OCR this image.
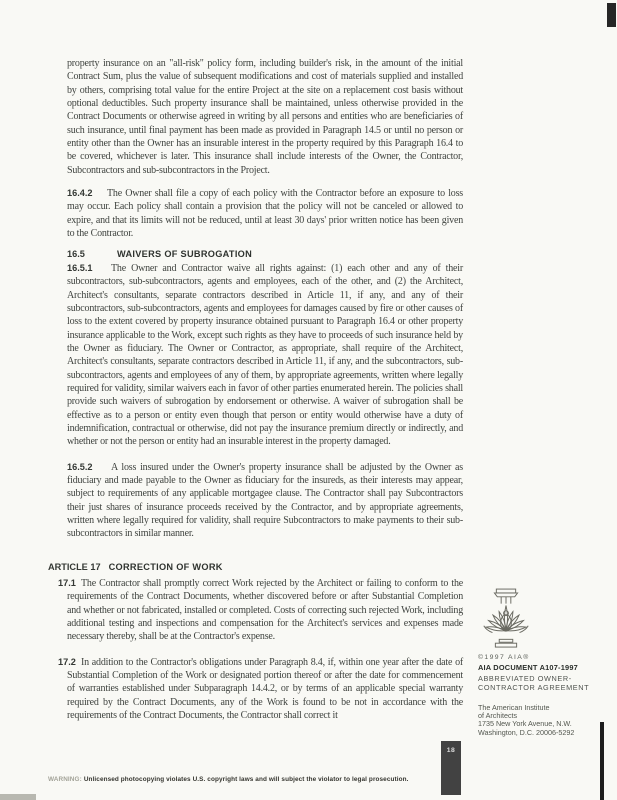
property insurance on an "all-risk" policy form, including builder's risk, in the amount of the initial Contract Sum, plus the value of subsequent modifications and cost of materials supplied and installed by others, comprising total value for the entire Project at the site on a replacement cost basis without optional deductibles. Such property insurance shall be maintained, unless otherwise provided in the Contract Documents or otherwise agreed in writing by all persons and entities who are beneficiaries of such insurance, until final payment has been made as provided in Paragraph 14.5 or until no person or entity other than the Owner has an insurable interest in the property required by this Paragraph 16.4 to be covered, whichever is later. This insurance shall include interests of the Owner, the Contractor, Subcontractors and sub-subcontractors in the Project.

16.4.2 The Owner shall file a copy of each policy with the Contractor before an exposure to loss may occur. Each policy shall contain a provision that the policy will not be canceled or allowed to expire, and that its limits will not be reduced, until at least 30 days' prior written notice has been given to the Contractor.

16.5	WAIVERS OF SUBROGATION

16.5.1 The Owner and Contractor waive all rights against: (1) each other and any of their subcontractors, sub-subcontractors, agents and employees, each of the other, and (2) the Architect, Architect's consultants, separate contractors described in Article 11, if any, and any of their subcontractors, sub-subcontractors, agents and employees for damages caused by fire or other causes of loss to the extent covered by property insurance obtained pursuant to Paragraph 16.4 or other property insurance applicable to the Work, except such rights as they have to proceeds of such insurance held by the Owner as fiduciary. The Owner or Contractor, as appropriate, shall require of the Architect, Architect's consultants, separate contractors described in Article 11, if any, and the subcontractors, sub-subcontractors, agents and employees of any of them, by appropriate agreements, written where legally required for validity, similar waivers each in favor of other parties enumerated herein. The policies shall provide such waivers of subrogation by endorsement or otherwise. A waiver of subrogation shall be effective as to a person or entity even though that person or entity would otherwise have a duty of indemnification, contractual or otherwise, did not pay the insurance premium directly or indirectly, and whether or not the person or entity had an insurable interest in the property damaged.

16.5.2 A loss insured under the Owner's property insurance shall be adjusted by the Owner as fiduciary and made payable to the Owner as fiduciary for the insureds, as their interests may appear, subject to requirements of any applicable mortgagee clause. The Contractor shall pay Subcontractors their just shares of insurance proceeds received by the Contractor, and by appropriate agreements, written where legally required for validity, shall require Subcontractors to make payments to their sub-subcontractors in similar manner.

ARTICLE 17 CORRECTION OF WORK

17.1 The Contractor shall promptly correct Work rejected by the Architect or failing to conform to the requirements of the Contract Documents, whether discovered before or after Substantial Completion and whether or not fabricated, installed or completed. Costs of correcting such rejected Work, including additional testing and inspections and compensation for the Architect's services and expenses made necessary thereby, shall be at the Contractor's expense.

17.2 In addition to the Contractor's obligations under Paragraph 8.4, if, within one year after the date of Substantial Completion of the Work or designated portion thereof or after the date for commencement of warranties established under Subparagraph 14.4.2, or by terms of an applicable special warranty required by the Contract Documents, any of the Work is found to be not in accordance with the requirements of the Contract Documents, the Contractor shall correct it

©1997 AIA®
AIA DOCUMENT A107-1997
ABBREVIATED OWNER-
CONTRACTOR AGREEMENT
The American Institute
of Architects
1735 New York Avenue, N.W.
Washington, D.C. 20006-5292
18
WARNING: Unlicensed photocopying violates U.S. copyright laws and will subject the violator to legal prosecution.
